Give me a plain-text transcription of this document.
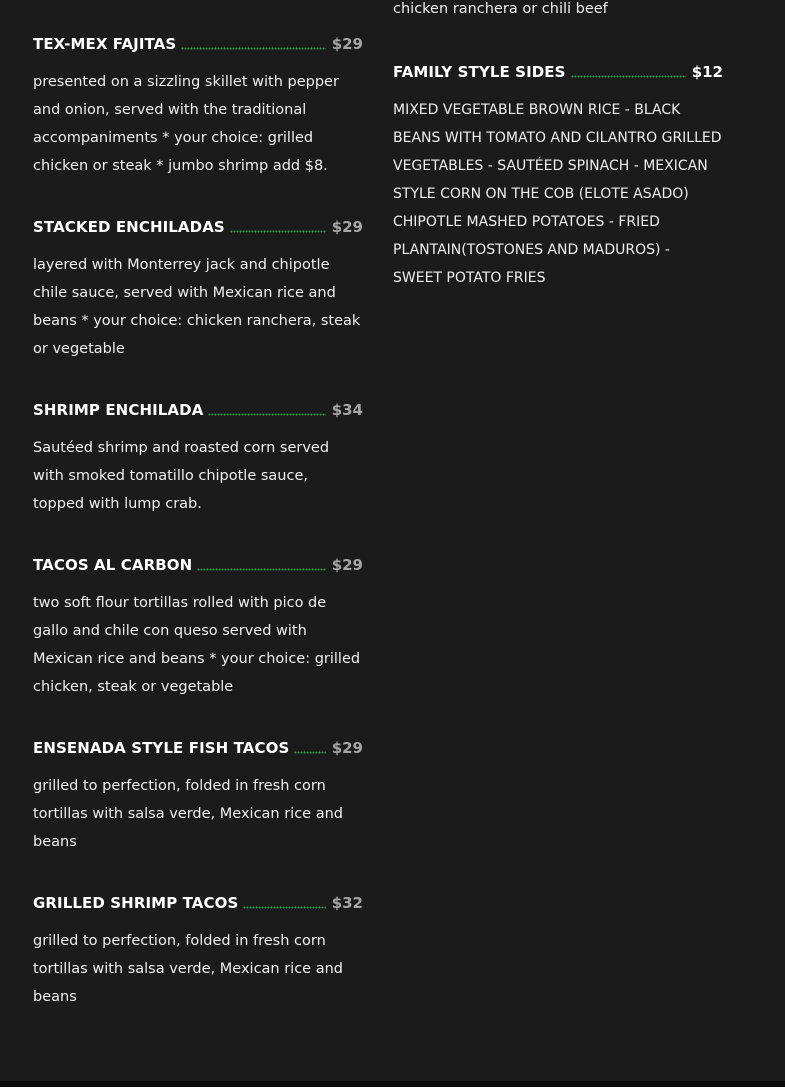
TEX-MEX FAJITAS	$29
presented on a sizzling skillet with pepper and onion, served with the traditional accompaniments * your choice: grilled chicken or steak * jumbo shrimp add $8.
STACKED ENCHILADAS	$29
layered with Monterrey jack and chipotle chile sauce, served with Mexican rice and beans * your choice: chicken ranchera, steak or vegetable
SHRIMP ENCHILADA	$34
Sautéed shrimp and roasted corn served with smoked tomatillo chipotle sauce, topped with lump crab.
TACOS AL CARBON	$29
two soft flour tortillas rolled with pico de gallo and chile con queso served with Mexican rice and beans * your choice: grilled chicken, steak or vegetable
ENSENADA STYLE FISH TACOS	$29
grilled to perfection, folded in fresh corn tortillas with salsa verde, Mexican rice and beans
GRILLED SHRIMP TACOS	$32
grilled to perfection, folded in fresh corn tortillas with salsa verde, Mexican rice and beans
chicken ranchera or chili beef
FAMILY STYLE SIDES	$12
MIXED VEGETABLE BROWN RICE - BLACK BEANS WITH TOMATO AND CILANTRO GRILLED VEGETABLES - SAUTÉED SPINACH - MEXICAN STYLE CORN ON THE COB (ELOTE ASADO) CHIPOTLE MASHED POTATOES - FRIED PLANTAIN(TOSTONES AND MADUROS) - SWEET POTATO FRIES
